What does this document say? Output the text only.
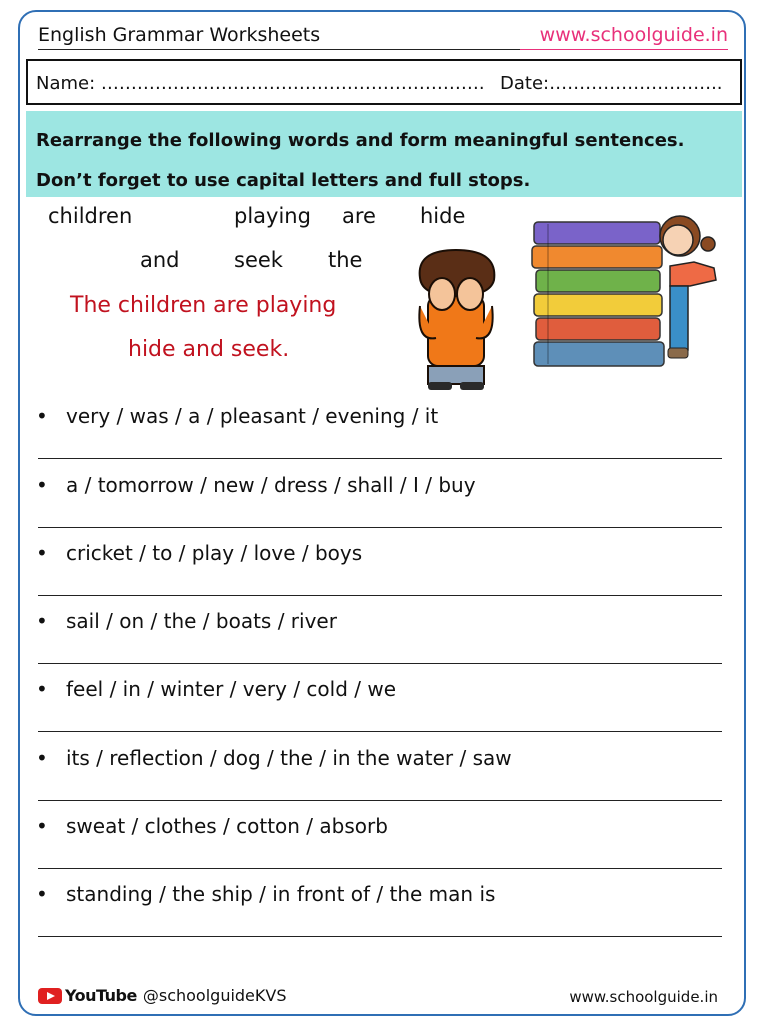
English Grammar Worksheets	www.schoolguide.in
Name: ………………………………………………………. Date:………………………..
Rearrange the following words and form meaningful sentences.
Don’t forget to use capital letters and full stops.
children	playing are hide
and	seek the
The children are playing
hide and seek.
• very / was / a / pleasant / evening / it
• a / tomorrow / new / dress / shall / I / buy
• cricket / to / play / love / boys
• sail / on / the / boats / river
• feel / in / winter / very / cold / we
• its / reflection / dog / the / in the water / saw
• sweat / clothes / cotton / absorb
• standing / the ship / in front of / the man is
YouTube @schoolguideKVS	www.schoolguide.in
